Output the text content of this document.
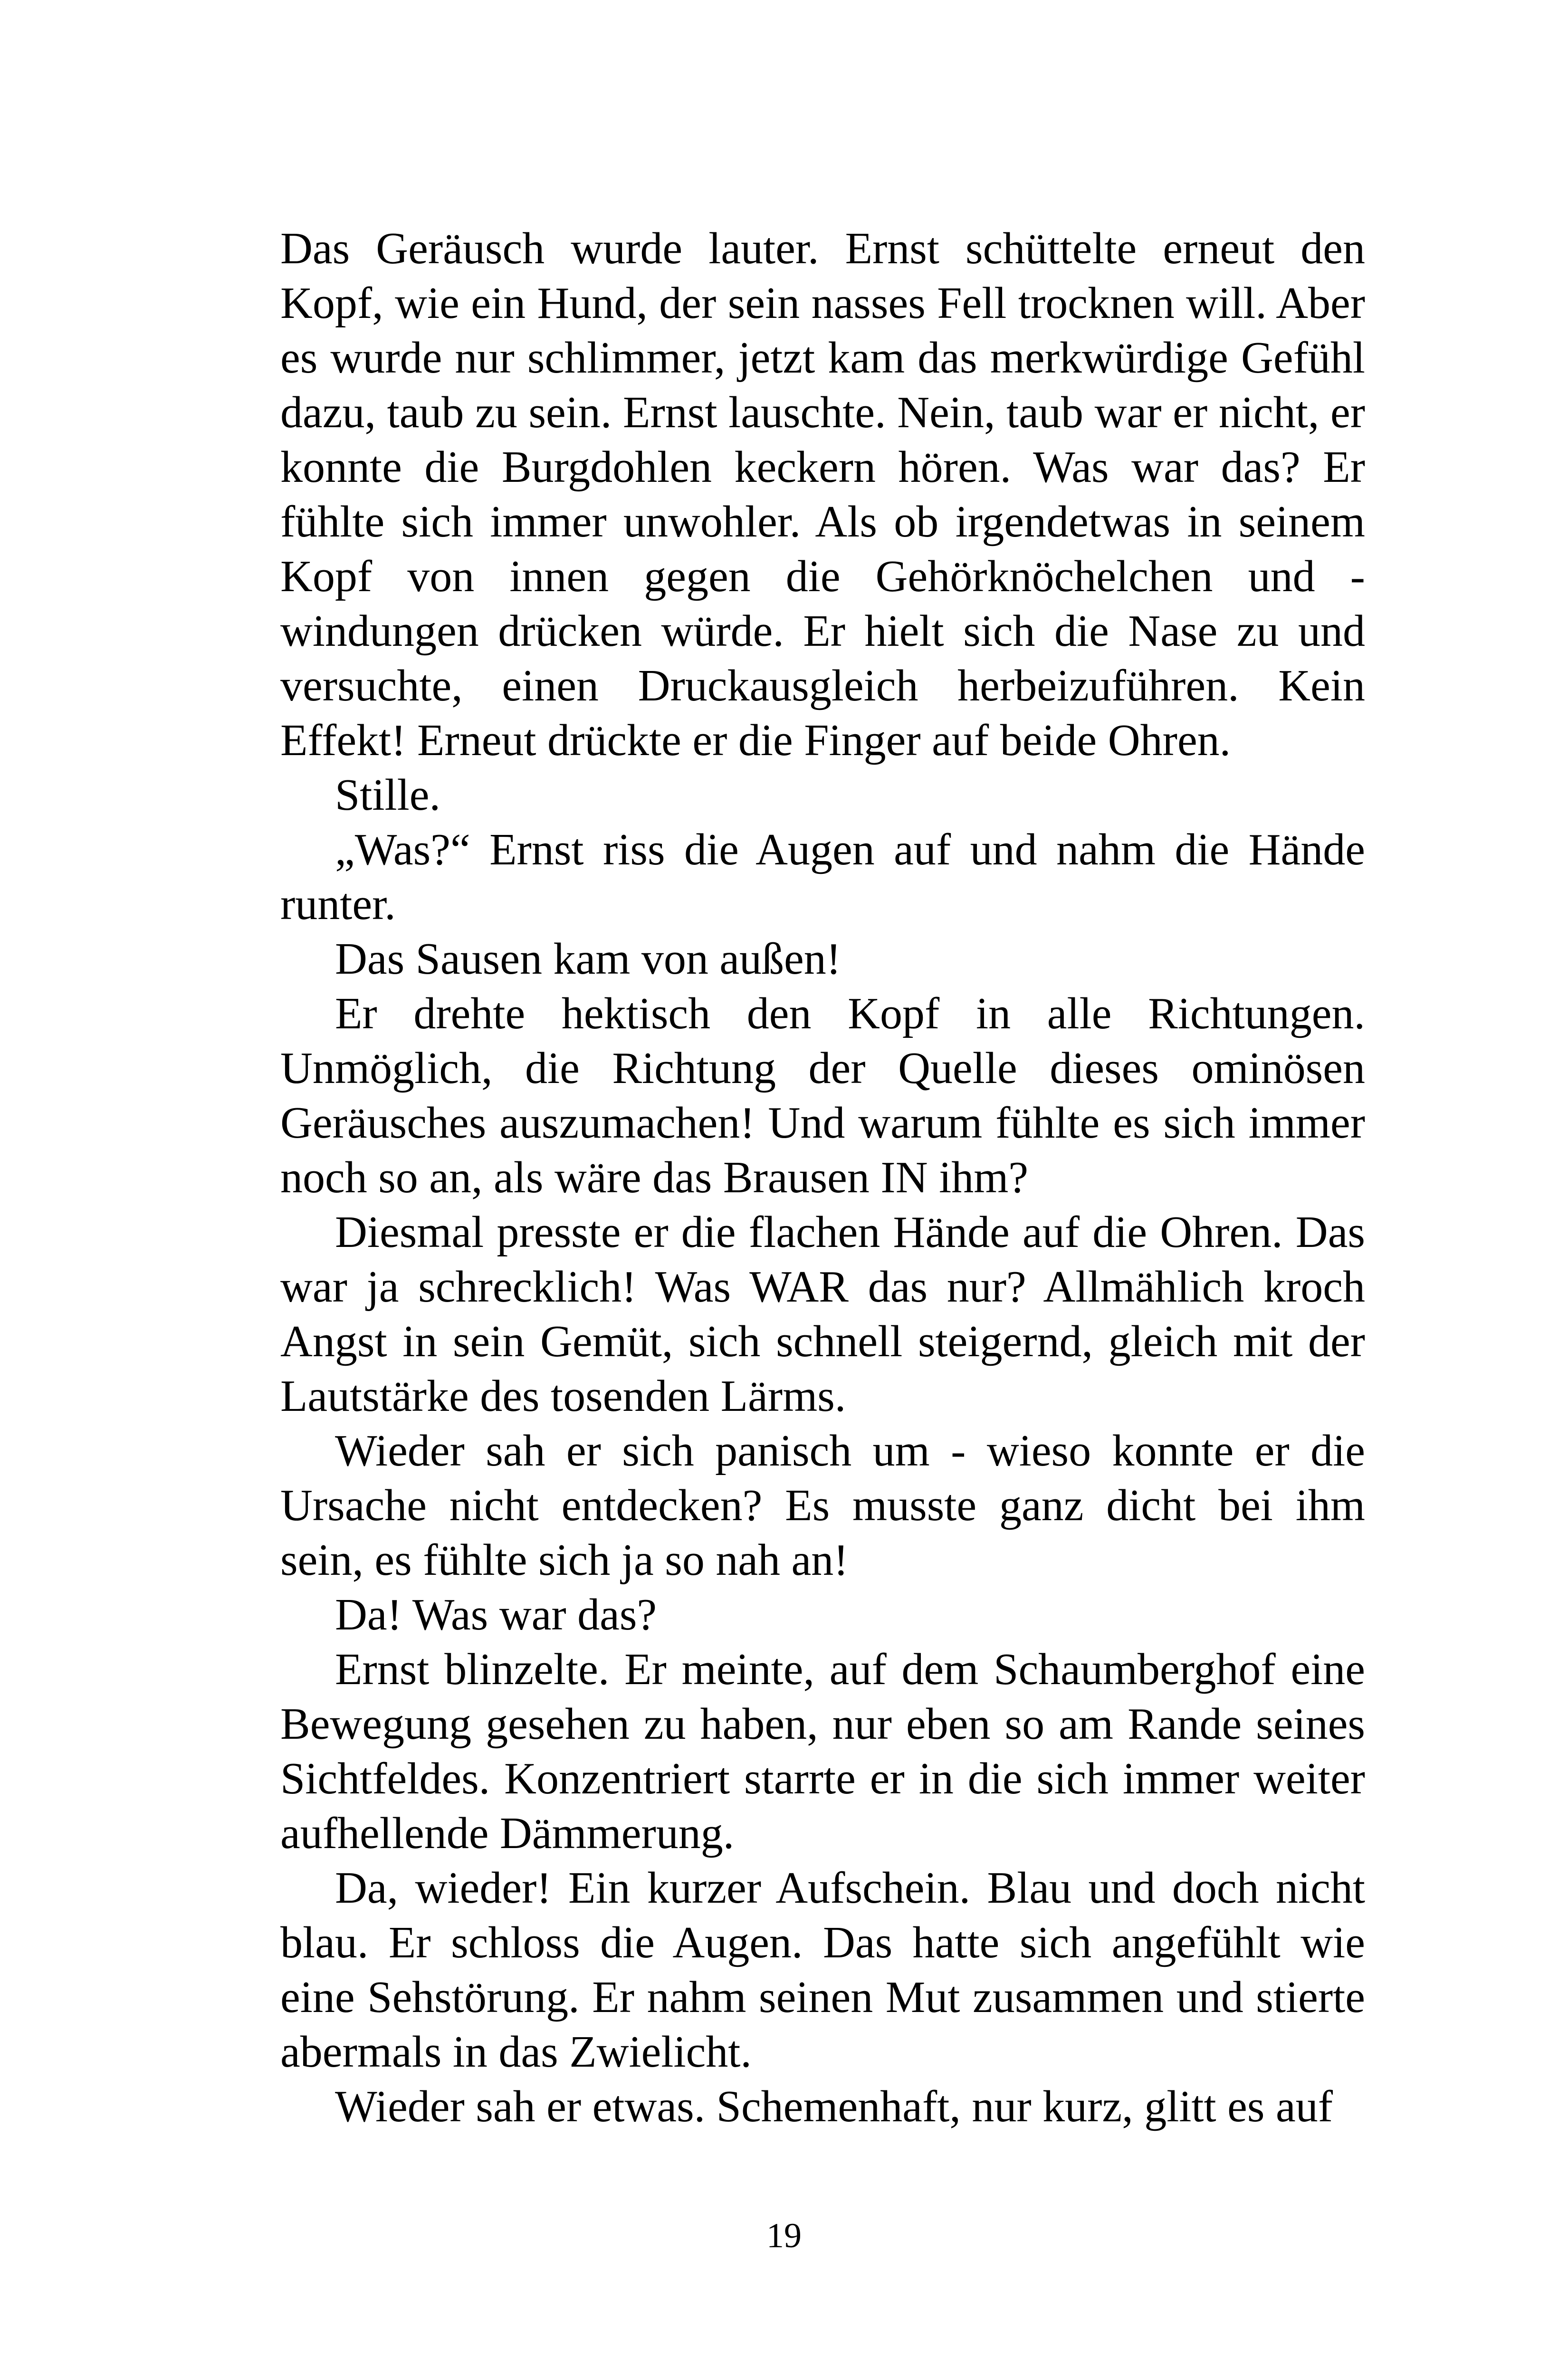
Das Geräusch wurde lauter. Ernst schüttelte erneut den Kopf, wie ein Hund, der sein nasses Fell trocknen will. Aber es wurde nur schlimmer, jetzt kam das merkwürdige Gefühl dazu, taub zu sein. Ernst lauschte. Nein, taub war er nicht, er konnte die Burgdohlen keckern hören. Was war das? Er fühlte sich immer unwohler. Als ob irgendetwas in seinem Kopf von innen gegen die Gehörknöchelchen und -windungen drücken würde. Er hielt sich die Nase zu und versuchte, einen Druckausgleich herbeizuführen. Kein Effekt! Erneut drückte er die Finger auf beide Ohren.

Stille.

„Was?“ Ernst riss die Augen auf und nahm die Hände runter.

Das Sausen kam von außen!

Er drehte hektisch den Kopf in alle Richtungen. Unmöglich, die Richtung der Quelle dieses ominösen Geräusches auszumachen! Und warum fühlte es sich immer noch so an, als wäre das Brausen IN ihm?

Diesmal presste er die flachen Hände auf die Ohren. Das war ja schrecklich! Was WAR das nur? Allmählich kroch Angst in sein Gemüt, sich schnell steigernd, gleich mit der Lautstärke des tosenden Lärms.

Wieder sah er sich panisch um - wieso konnte er die Ursache nicht entdecken? Es musste ganz dicht bei ihm sein, es fühlte sich ja so nah an!

Da! Was war das?

Ernst blinzelte. Er meinte, auf dem Schaumberghof eine Bewegung gesehen zu haben, nur eben so am Rande seines Sichtfeldes. Konzentriert starrte er in die sich immer weiter aufhellende Dämmerung.

Da, wieder! Ein kurzer Aufschein. Blau und doch nicht blau. Er schloss die Augen. Das hatte sich angefühlt wie eine Sehstörung. Er nahm seinen Mut zusammen und stierte abermals in das Zwielicht.

Wieder sah er etwas. Schemenhaft, nur kurz, glitt es auf

19
